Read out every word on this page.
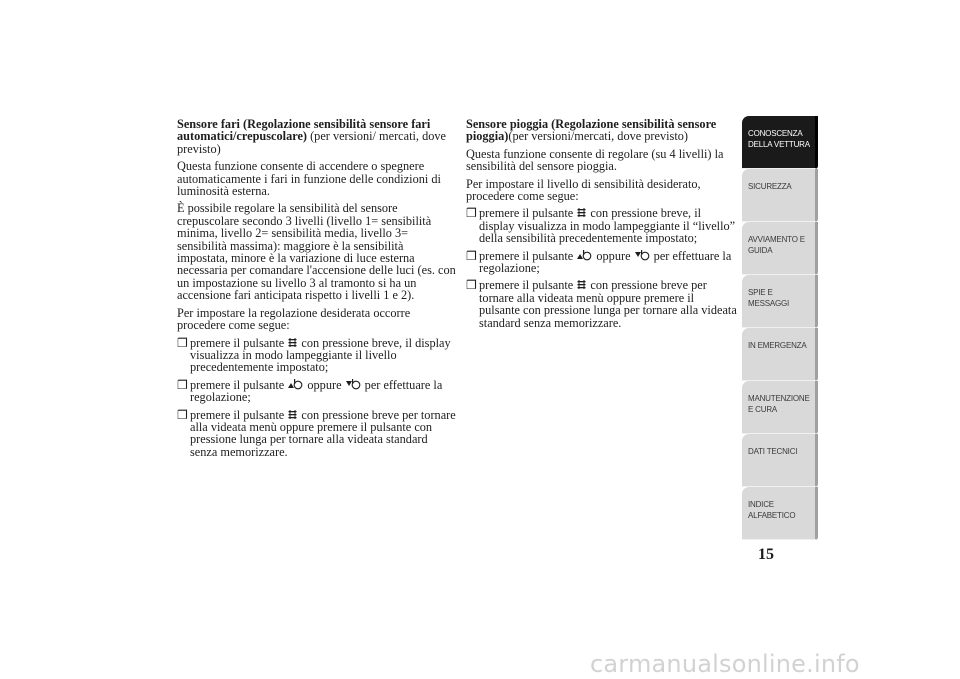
Sensore fari (Regolazione sensibilità sensore fari automatici/crepuscolare) (per versioni/ mercati, dove previsto)

Questa funzione consente di accendere o spegnere automaticamente i fari in funzione delle condizioni di luminosità esterna.

È possibile regolare la sensibilità del sensore crepuscolare secondo 3 livelli (livello 1= sensibilità minima, livello 2= sensibilità media, livello 3= sensibilità massima): maggiore è la sensibilità impostata, minore è la variazione di luce esterna necessaria per comandare l'accensione delle luci (es. con un impostazione su livello 3 al tramonto si ha un accensione fari anticipata rispetto i livelli 1 e 2).

Per impostare la regolazione desiderata occorre procedere come segue:

❒ premere il pulsante
con pressione breve, il display visualizza in modo lampeggiante il livello precedentemente impostato;
❒ premere il pulsante
oppure
per effettuare la regolazione;
❒ premere il pulsante
con pressione breve per tornare alla videata menù oppure premere il pulsante con pressione lunga per tornare alla videata standard senza memorizzare.

Sensore pioggia (Regolazione sensibilità sensore pioggia)(per versioni/mercati, dove previsto)

Questa funzione consente di regolare (su 4 livelli) la sensibilità del sensore pioggia.

Per impostare il livello di sensibilità desiderato, procedere come segue:

❒ premere il pulsante
con pressione breve, il display visualizza in modo lampeggiante il “livello” della sensibilità precedentemente impostato;
❒ premere il pulsante
oppure
per effettuare la regolazione;
❒ premere il pulsante
con pressione breve per tornare alla videata menù oppure premere il pulsante con pressione lunga per tornare alla videata standard senza memorizzare.
CONOSCENZA DELLA VETTURA
SICUREZZA
AVVIAMENTO E GUIDA
SPIE E MESSAGGI
IN EMERGENZA
MANUTENZIONE E CURA
DATI TECNICI
INDICE ALFABETICO
15
carmanualsonline.info
